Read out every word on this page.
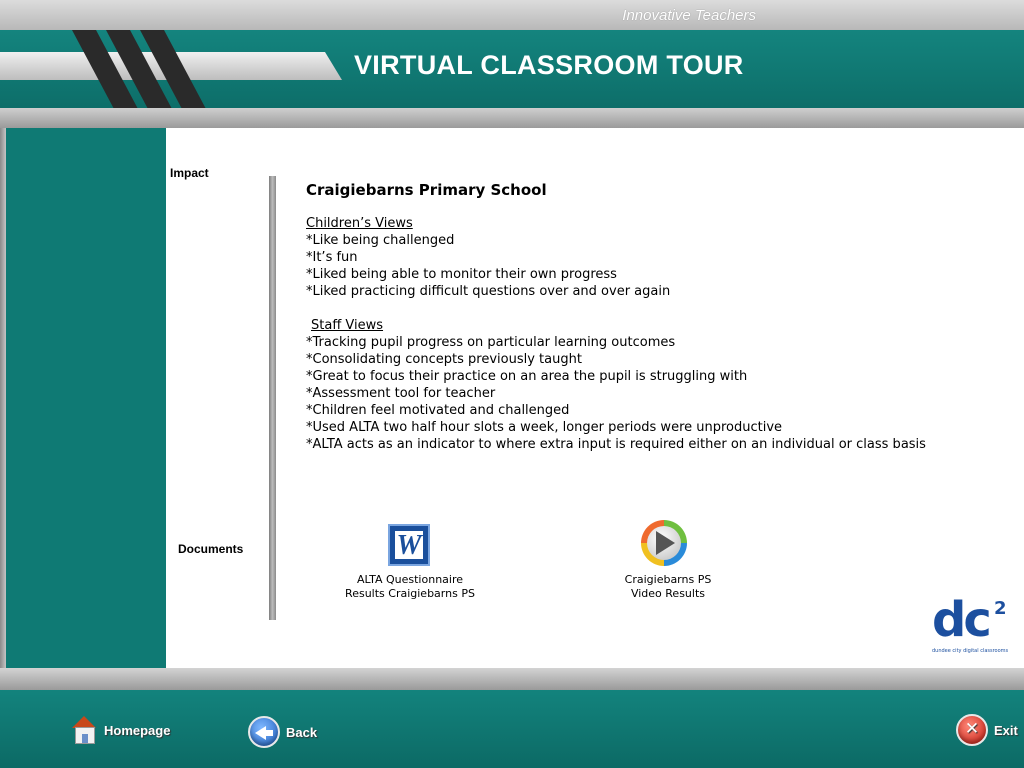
Innovative Teachers
VIRTUAL CLASSROOM TOUR
Impact
Craigiebarns Primary School
Children’s Views
*Like being challenged
*It’s fun
*Liked being able to monitor their own progress
*Liked practicing difficult questions over and over again
Staff Views
*Tracking pupil progress on particular learning outcomes
*Consolidating concepts previously taught
*Great to focus their practice on an area the pupil is struggling with
*Assessment tool for teacher
*Children feel motivated and challenged
*Used ALTA two half hour slots a week, longer periods were unproductive
*ALTA acts as an indicator to where extra input is required either on an individual or class basis
Documents	W
ALTA Questionnaire
Results Craigiebarns PS
Craigiebarns PS
Video Results	dc 2
dundee city digital classrooms
Homepage	Back	✕	Exit
